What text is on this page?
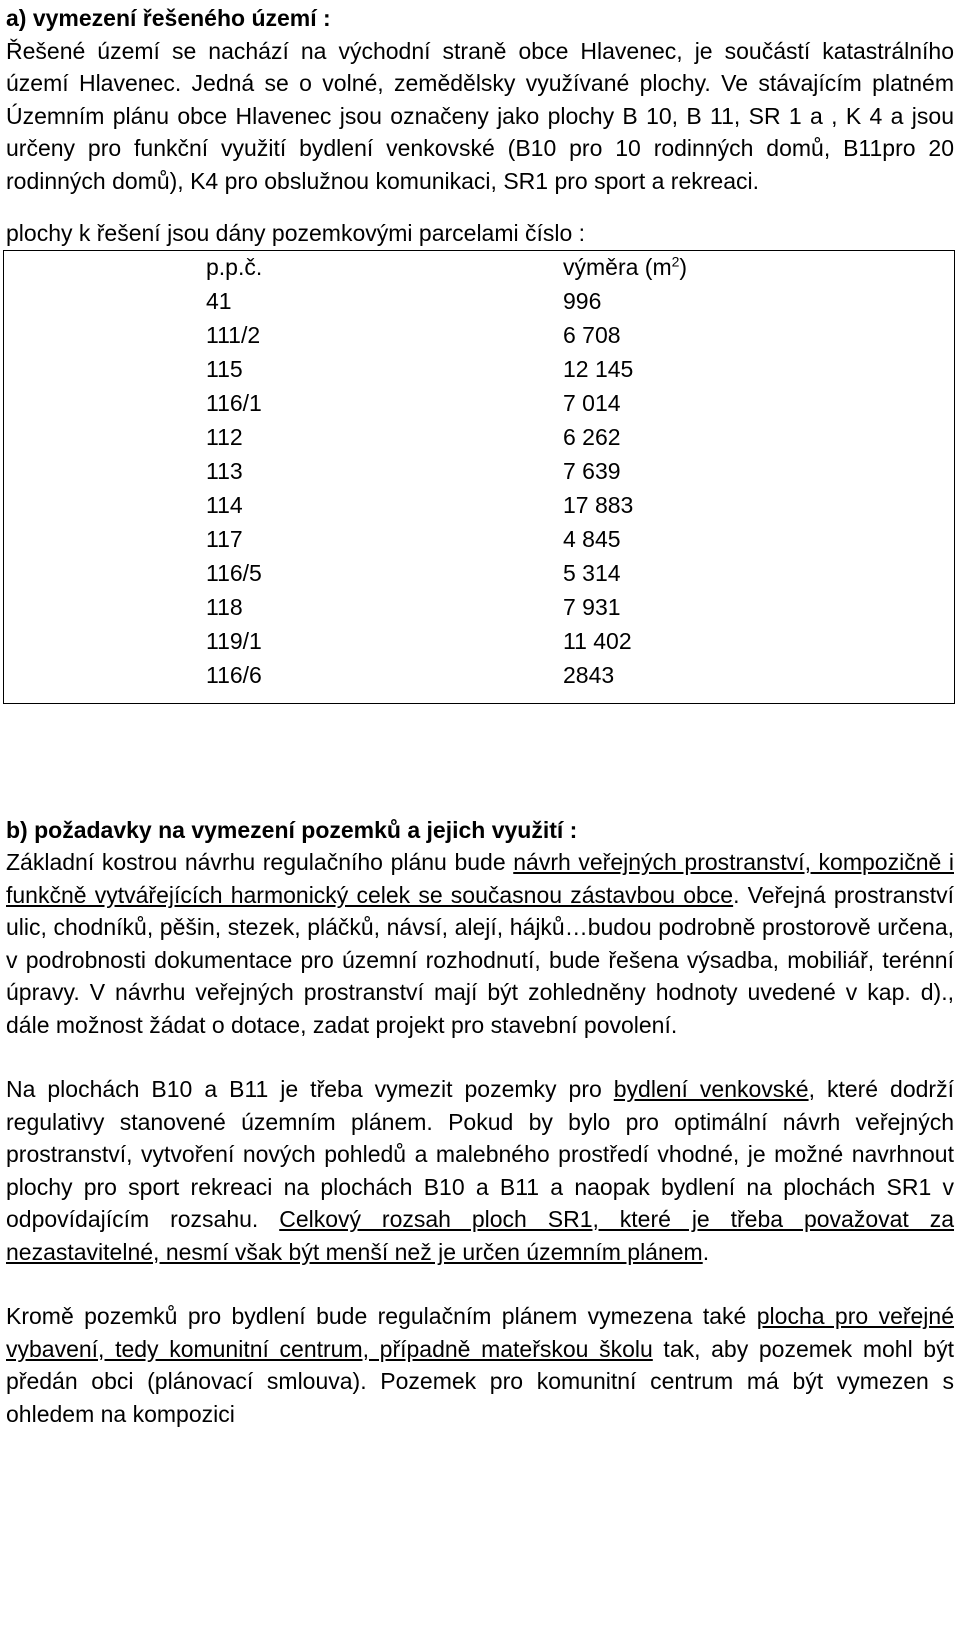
a) vymezení řešeného území :

Řešené území se nachází na východní straně obce Hlavenec, je součástí katastrálního území Hlavenec. Jedná se o volné, zemědělsky využívané plochy. Ve stávajícím platném Územním plánu obce Hlavenec jsou označeny jako plochy B 10, B 11, SR 1 a , K 4 a jsou určeny pro funkční využití bydlení venkovské (B10 pro 10 rodinných domů, B11pro 20 rodinných domů), K4 pro obslužnou komunikaci, SR1 pro sport a rekreaci.

plochy k řešení jsou dány pozemkovými parcelami číslo :

	p.p.č.	výměra $(m^2)$
	41	996
	111/2	6 708
	115	12 145
	116/1	7 014
	112	6 262
	113	7 639
	114	17 883
	117	4 845
	116/5	5 314
	118	7 931
	119/1	11 402
	116/6	2843

b) požadavky na vymezení pozemků a jejich využití :

Základní kostrou návrhu regulačního plánu bude návrh veřejných prostranství, kompozičně i funkčně vytvářejících harmonický celek se současnou zástavbou obce. Veřejná prostranství ulic, chodníků, pěšin, stezek, pláčků, návsí, alejí, hájků…budou podrobně prostorově určena, v podrobnosti dokumentace pro územní rozhodnutí, bude řešena výsadba, mobiliář, terénní úpravy. V návrhu veřejných prostranství mají být zohledněny hodnoty uvedené v kap. d)., dále možnost žádat o dotace, zadat projekt pro stavební povolení.

Na plochách B10 a B11 je třeba vymezit pozemky pro bydlení venkovské, které dodrží regulativy stanovené územním plánem. Pokud by bylo pro optimální návrh veřejných prostranství, vytvoření nových pohledů a malebného prostředí vhodné, je možné navrhnout plochy pro sport rekreaci na plochách B10 a B11 a naopak bydlení na plochách SR1 v odpovídajícím rozsahu. Celkový rozsah ploch SR1, které je třeba považovat za nezastavitelné, nesmí však být menší než je určen územním plánem.

Kromě pozemků pro bydlení bude regulačním plánem vymezena také plocha pro veřejné vybavení, tedy komunitní centrum, případně mateřskou školu tak, aby pozemek mohl být předán obci (plánovací smlouva). Pozemek pro komunitní centrum má být vymezen s ohledem na kompozici
